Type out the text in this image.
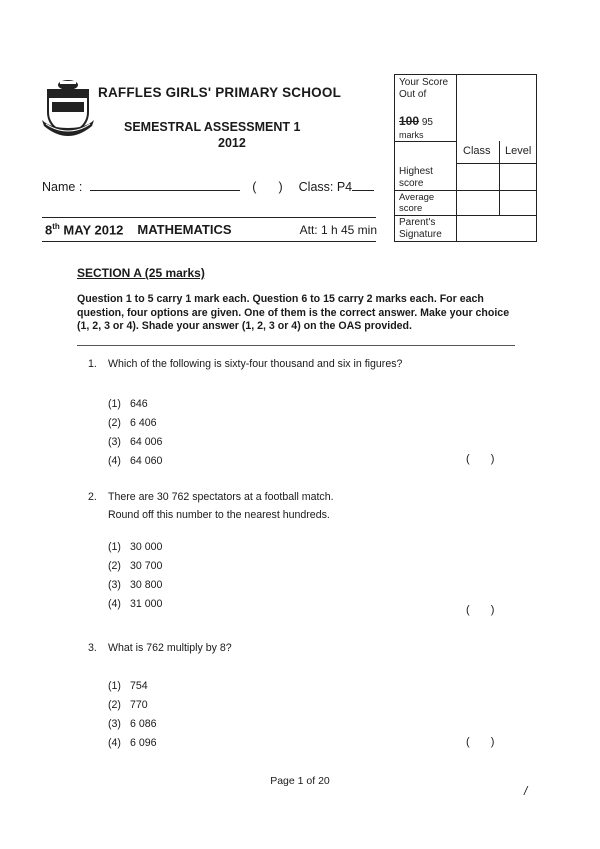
RAFFLES GIRLS' PRIMARY SCHOOL
SEMESTRAL ASSESSMENT 1
2012
Name :	( ) Class: P4
8th MAY 2012 MATHEMATICS	Att: 1 h 45 min
Your Score Out of
100 95
marks
Class Level
Highest score
Average score
Parent's Signature
SECTION A (25 marks)
Question 1 to 5 carry 1 mark each. Question 6 to 15 carry 2 marks each. For each question, four options are given. One of them is the correct answer. Make your choice (1, 2, 3 or 4). Shade your answer (1, 2, 3 or 4) on the OAS provided.
1.	Which of the following is sixty-four thousand and six in figures?
(1) 646
(2) 6 406
(3) 64 006
(4) 64 060	( )
2.	There are 30 762 spectators at a football match.
Round off this number to the nearest hundreds.
(1) 30 000
(2) 30 700
(3) 30 800
(4) 31 000	( )
3.	What is 762 multiply by 8?
(1) 754
(2) 770
(3) 6 086
(4) 6 096	( )
Page 1 of 20
/
